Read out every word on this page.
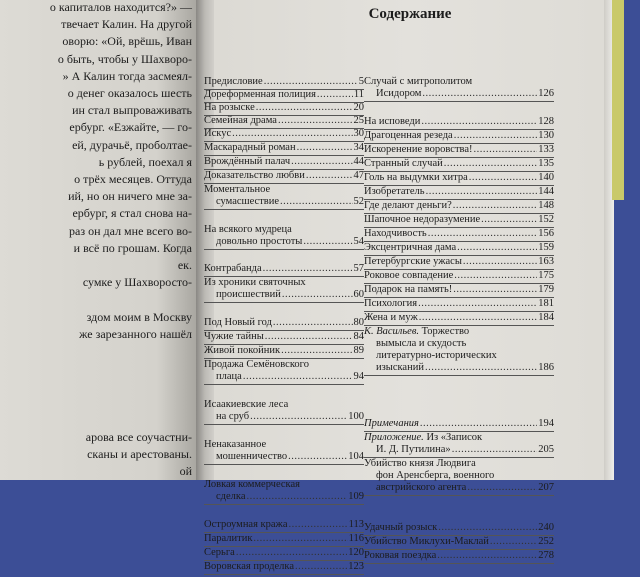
о капиталов находится?» —
твечает Калин. На другой
оворю: «Ой, врёшь, Иван
о быть, чтобы у Шахворо-
» А Калин тогда засмеял-
о денег оказалось шесть
ин стал выпроваживать
ербург. «Езжайте, — го-
ей, дурачьё, проболтае-
ь рублей, поехал я
о трёх месяцев. Оттуда
ий, но он ничего мне за-
ербург, я стал снова на-
раз он дал мне всего во-
и всё по грошам. Когда
ек.
сумке у Шахворосто-
здом моим в Москву
же зарезанного нашёл
арова все соучастни-
сканы и арестованы.
ой
Содержание
Предисловие .....	5
Дореформенная полиция .....	11
На розыске .....	20
Семейная драма .....	25
Искус .....	30
Маскарадный роман .....	34
Врождённый палач .....	44
Доказательство любви .....	47
Моментальное
сумасшествие .....	52
На всякого мудреца
довольно простоты .....	54
Контрабанда .....	57
Из хроники святочных
происшествий .....	60
Под Новый год .....	80
Чужие тайны .....	84
Живой покойник .....	89
Продажа Семёновского
плаца .....	94
Исаакиевские леса
на сруб .....	100
Ненаказанное
мошенничество .....	104
Ловкая коммерческая
сделка .....	109
Остроумная кража .....	113
Паралитик .....	116
Серьга .....	120
Воровская проделка .....	123
Случай с митрополитом
Исидором .....	126
На исповеди .....	128
Драгоценная резеда .....	130
Искоренение воровства! .....	133
Странный случай .....	135
Голь на выдумки хитра .....	140
Изобретатель .....	144
Где делают деньги? .....	148
Шапочное недоразумение .....	152
Находчивость .....	156
Эксцентричная дама .....	159
Петербургские ужасы .....	163
Роковое совпадение .....	175
Подарок на память! .....	179
Психология .....	181
Жена и муж .....	184
К. Васильев.
Торжество
вымысла и скудость
литературно-исторических
изысканий .....	186
Примечания .....	194
Приложение.
Из «Записок
И. Д. Путилина» .....	205
Убийство князя Людвига
фон Аренсберга, военного
австрийского агента .....	207
Удачный розыск .....	240
Убийство Миклухи-Маклай .....	252
Роковая поездка .....	278
